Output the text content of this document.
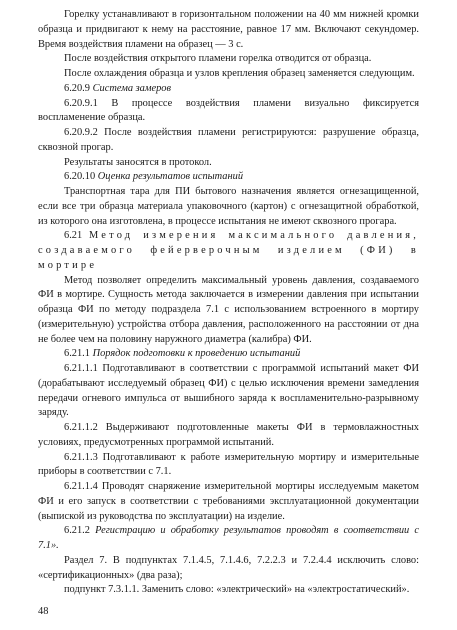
Горелку устанавливают в горизонтальном положении на 40 мм нижней кромки образца и придвигают к нему на расстояние, равное 17 мм. Включают секундомер. Время воздействия пламени на образец — 3 с.

После воздействия открытого пламени горелка отводится от образца.

После охлаждения образца и узлов крепления образец заменяется следующим.

6.20.9 Система замеров

6.20.9.1 В процессе воздействия пламени визуально фиксируется воспламенение образца.

6.20.9.2 После воздействия пламени регистрируются: разрушение образца, сквозной прогар.

Результаты заносятся в протокол.

6.20.10 Оценка результатов испытаний

Транспортная тара для ПИ бытового назначения является огнезащищенной, если все три образца материала упаковочного (картон) с огнезащитной обработкой, из которого она изготовлена, в процессе испытания не имеют сквозного прогара.

6.21 Метод измерения максимального давления, создаваемого фейерверочным изделием (ФИ) в мортире

Метод позволяет определить максимальный уровень давления, создаваемого ФИ в мортире. Сущность метода заключается в измерении давления при испытании образца ФИ по методу подраздела 7.1 с использованием встроенного в мортиру (измерительную) устройства отбора давления, расположенного на расстоянии от дна не более чем на половину наружного диаметра (калибра) ФИ.

6.21.1 Порядок подготовки к проведению испытаний

6.21.1.1 Подготавливают в соответствии с программой испытаний макет ФИ (дорабатывают исследуемый образец ФИ) с целью исключения времени замедления передачи огневого импульса от вышибного заряда к воспламенительно-разрывному заряду.

6.21.1.2 Выдерживают подготовленные макеты ФИ в термовлажностных условиях, предусмотренных программой испытаний.

6.21.1.3 Подготавливают к работе измерительную мортиру и измерительные приборы в соответствии с 7.1.

6.21.1.4 Проводят снаряжение измерительной мортиры исследуемым макетом ФИ и его запуск в соответствии с требованиями эксплуатационной документации (выпиской из руководства по эксплуатации) на изделие.

6.21.2 Регистрацию и обработку результатов проводят в соответствии с 7.1».

Раздел 7. В подпунктах 7.1.4.5, 7.1.4.6, 7.2.2.3 и 7.2.4.4 исключить слово: «сертификационных» (два раза);

подпункт 7.3.1.1. Заменить слово: «электрический» на «электростатический».

48
